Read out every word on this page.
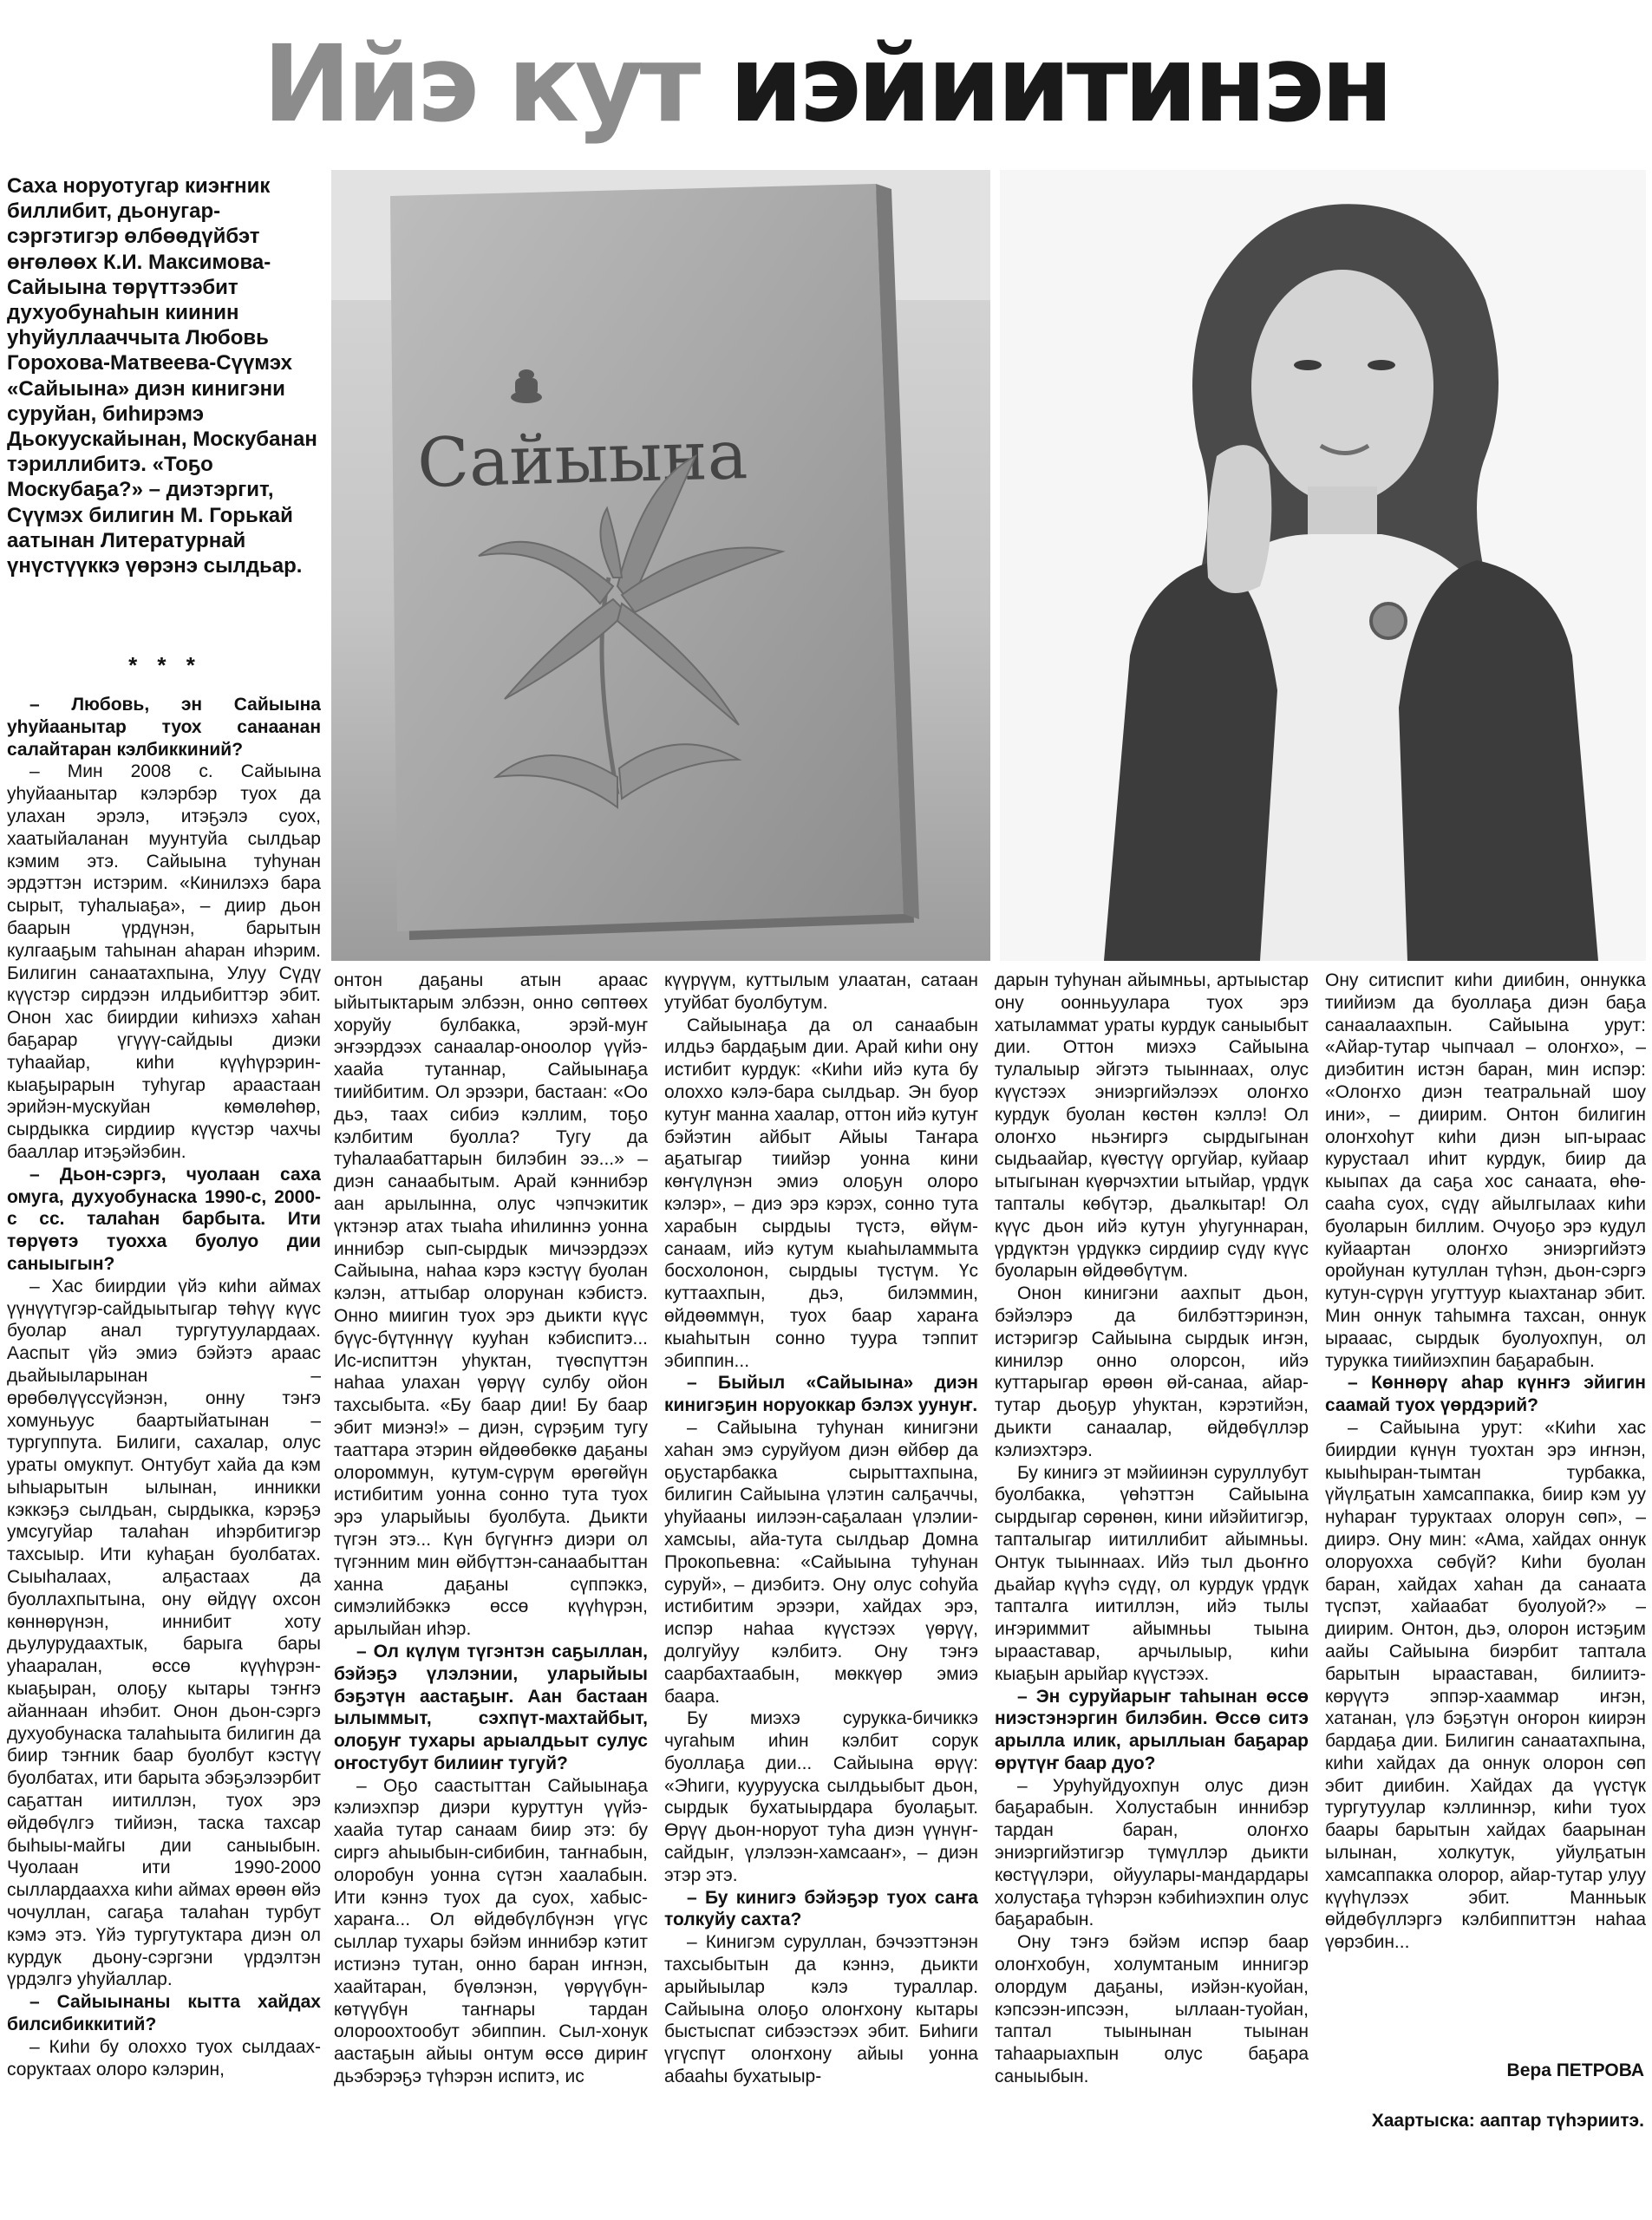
Ийэ кут иэйиитинэн
Саха норуотугар киэҥник биллибит, дьонугар-сэргэтигэр өлбөөдүйбэт өҥөлөөх К.И. Максимова-Сайыына төрүттээбит духуобунаһын киинин уһуйуллааччыта Любовь Горохова-Матвеева-Сүүмэх «Сайыына» диэн кинигэни суруйан, биһирэмэ Дьокуускайынан, Москубанан тэриллибитэ. «Тоҕо Москубаҕа?» – диэтэргит, Сүүмэх билигин М. Горькай аатынан Литературнай үнүстүүккэ үөрэнэ сылдьар.
* * *
Сайыына

– Любовь, эн Сайыына уһуйаанытар туох санаанан салайтаран кэлбиккиний?

– Мин 2008 с. Сайыына уһуйаанытар кэлэрбэр туох да улахан эрэлэ, итэҕэлэ суох, хаатыйаланан муунтуйа сылдьар кэмим этэ. Сайыына туһунан эрдэттэн истэрим. «Кинилэхэ бара сырыт, туһалыаҕа», – диир дьон баарын үрдүнэн, барытын кулгааҕым таһынан аһаран иһэрим. Билигин санаатахпына, Улуу Сүдү күүстэр сирдээн илдьибиттэр эбит. Онон хас биирдии киһиэхэ хаһан баҕарар үгүүү-сайдыы диэки туһаайар, киһи күүһүрэрин-кыаҕырарын туһугар араастаан эрийэн-мускуйан көмөлөһөр, сырдыкка сирдиир күүстэр чахчы бааллар итэҕэйэбин.

– Дьон-сэргэ, чуолаан саха омуга, духуобунаска 1990-с, 2000-с сс. талаһан барбыта. Ити төрүөтэ туохха буолуо дии саныыгын?

– Хас биирдии үйэ киһи аймах үүнүүтүгэр-сайдыытыгар төһүү күүс буолар анал тургутуулардаах. Ааспыт үйэ эмиэ бэйэтэ араас дьайыыларынан – өрөбөлүүссүйэнэн, онну тэҥэ хомуньуус баартыйатынан – тургуппута. Билиги, сахалар, олус ураты омукпут. Онтубут хайа да кэм ыһыарытын ылынан, инникки кэккэҕэ сылдьан, сырдыкка, кэрэҕэ умсугуйар талаһан иһэрбитигэр тахсыыр. Ити куһаҕан буолбатах. Сыыһалаах, алҕастаах да буоллахпытына, ону өйдүү охсон көннөрүнэн, иннибит хоту дьулурудаахтык, барыга бары уһааралан, өссө күүһүрэн-кыаҕыран, олоҕу кытары тэҥҥэ айаннаан иһэбит. Онон дьон-сэргэ духуобунаска талаһыыта билигин да биир тэҥник баар буолбут кэстүү буолбатах, ити барыта эбэҕэлээрбит саҕаттан иитиллэн, туох эрэ өйдөбүлгэ тийиэн, таска тахсар быһыы-майгы дии саныыбын. Чуолаан ити 1990-2000 сыллардаахха киһи аймах өрөөн өйэ чочуллан, сагаҕа талаһан турбут кэмэ этэ. Үйэ тургутуктара диэн ол курдук дьону-сэргэни үрдэлтэн үрдэлгэ уһуйаллар.

– Сайыынаны кытта хайдах билсибиккитий?

– Киһи бу олоххо туох сылдаах-соруктаах олоро кэлэрин,

онтон даҕаны атын араас ыйытыктарым элбээн, онно сөптөөх хоруйу булбакка, эрэй-муҥ эҥээрдээх санаалар-оноолор үүйэ-хаайа тутаннар, Сайыынаҕа тиийбитим. Ол эрээри, бастаан: «Оо дьэ, таах сибиэ кэллим, тоҕо кэлбитим буолла? Тугу да туһалаабаттарын билэбин ээ...» – диэн санаабытым. Арай кэннибэр аан арылынна, олус чэпчэкитик үктэнэр атах тыаһа иһилиннэ уонна иннибэр сып-сырдык мичээрдээх Сайыына, наһаа кэрэ кэстүү буолан кэлэн, аттыбар олорунан кэбистэ. Онно миигин туох эрэ дьикти күүс бүүс-бүтүннүү кууһан кэбиспитэ... Ис-испиттэн уһуктан, түөспүттэн наһаа улахан үөрүү сулбу ойон тахсыбыта. «Бу баар дии! Бу баар эбит миэнэ!» – диэн, сүрэҕим тугу тааттара этэрин өйдөөбөккө даҕаны олороммун, кутум-сүрүм өрөгөйүн истибитим уонна сонно тута туох эрэ уларыйыы буолбута. Дьикти түгэн этэ... Күн бүгүҥҥэ диэри ол түгэнним мин өйбүттэн-санаабыттан ханна даҕаны сүппэккэ, симэлийбэккэ өссө күүһүрэн, арылыйан иһэр.

– Ол күлүм түгэнтэн саҕыллан, бэйэҕэ үлэлэнии, уларыйыы бэҕэтүн аастаҕыҥ. Аан бастаан ылыммыт, сэхпүт-махтайбыт, олоҕуҥ тухары арыалдьыт сулус оҥостубут билииҥ тугуй?

– Оҕо саастыттан Сайыынаҕа кэлиэхпэр диэри куруттун үүйэ-хаайа тутар санаам биир этэ: бу сиргэ аһыыбын-сибибин, таҥнабын, олоробун уонна сүтэн хаалабын. Ити кэннэ туох да суох, хабыс-хараҥа... Ол өйдөбүлбүнэн үгүс сыллар тухары бэйэм иннибэр кэтит истиэнэ тутан, онно баран иҥнэн, хаайтаран, бүөлэнэн, үөрүүбүн-көтүүбүн таҥнары тардан олороохтообут эбиппин. Сыл-хонук аастаҕын айыы онтум өссө дириҥ дьэбэрэҕэ түһэрэн испитэ, ис

күүрүүм, куттылым улаатан, сатаан утуйбат буолбутум.

Сайыынаҕа да ол санаабын илдьэ бардаҕым дии. Арай киһи ону истибит курдук: «Киһи ийэ кута бу олоххо кэлэ-бара сылдьар. Эн буор кутуҥ манна хаалар, оттон ийэ кутуҥ бэйэтин айбыт Айыы Таҥара аҕатыгар тиийэр уонна кини көҥүлүнэн эмиэ олоҕун олоро кэлэр», – диэ эрэ кэрэх, сонно тута харабын сырдыы түстэ, өйүм-санаам, ийэ кутум кыаһыламмыта босхолонон, сырдыы түстүм. Үс куттаахпын, дьэ, билэммин, өйдөөммүн, туох баар хараҥа кыаһытын сонно туура тэппит эбиппин...

– Быйыл «Сайыына» диэн кинигэҕин норуоккар бэлэх уунуҥ.

– Сайыына туһунан кинигэни хаһан эмэ суруйуом диэн өйбөр да оҕустарбакка сырыттахпына, билигин Сайыына үлэтин салҕаччы, уһуйааны иилээн-саҕалаан үлэлии-хамсыы, айа-тута сылдьар Домна Прокопьевна: «Сайыына туһунан суруй», – диэбитэ. Ону олус соһуйа истибитим эрээри, хайдах эрэ, испэр наһаа күүстээх үөрүү, долгуйуу кэлбитэ. Ону тэҥэ саарбахтаабын, мөккүөр эмиэ баара.

Бу миэхэ сурукка-бичиккэ чугаһым иһин кэлбит сорук буоллаҕа дии... Сайыына өрүү: «Эһиги, куурууска сылдьыбыт дьон, сырдык бухатыырдара буолаҕыт. Өрүү дьон-норуот туһа диэн үүнүҥ-сайдыҥ, үлэлээн-хамсааҥ», – диэн этэр этэ.

– Бу кинигэ бэйэҕэр туох саҥа толкуйу сахта?

– Кинигэм суруллан, бэчээттэнэн тахсыбытын да кэннэ, дьикти арыйыылар кэлэ тураллар. Сайыына олоҕо олоҥхону кытары быстыспат сибээстээх эбит. Биһиги үгүспүт олоҥхону айыы уонна абааһы бухатыыр-

дарын туһунан айымньы, артыыстар ону оонньуулара туох эрэ хатыламмат ураты курдук саныыбыт дии. Оттон миэхэ Сайыына тулалыыр эйгэтэ тыыннаах, олус күүстээх эниэргийэлээх олоҥхо курдук буолан көстөн кэллэ! Ол олоҥхо ньэҥиргэ сырдыгынан сыдьаайар, күөстүү оргуйар, куйаар ытыгынан күөрчэхтии ытыйар, үрдүк тапталы көбүтэр, дьалкытар! Ол күүс дьон ийэ кутун уһугуннаран, үрдүктэн үрдүккэ сирдиир сүдү күүс буоларын өйдөөбүтүм.

Онон кинигэни аахпыт дьон, бэйэлэрэ да билбэттэринэн, истэригэр Сайыына сырдык иҥэн, кинилэр онно олорсон, ийэ куттарыгар өрөөн өй-санаа, айар-тутар дьоҕур уһуктан, кэрэтийэн, дьикти санаалар, өйдөбүллэр кэлиэхтэрэ.

Бу кинигэ эт мэйиинэн суруллубут буолбакка, үөһэттэн Сайыына сырдыгар сөрөнөн, кини ийэйитигэр, тапталыгар иитиллибит айымньы. Онтук тыыннаах. Ийэ тыл дьоҥҥо дьайар күүһэ сүдү, ол курдук үрдүк тапталга иитиллэн, ийэ тылы иҥэриммит айымньы тыына ырааставар, арчылыыр, киһи кыаҕын арыйар күүстээх.

– Эн суруйарыҥ таһынан өссө ниэстэнэргин билэбин. Өссө ситэ арылла илик, арыллыан баҕарар өрүтүҥ баар дуо?

– Уруһуйдуохпун олус диэн баҕарабын. Холустабын иннибэр тардан баран, олоҥхо эниэргийэтигэр түмүллэр дьикти көстүүлэри, ойуулары-мандардары холустаҕа түһэрэн кэбиһиэхпин олус баҕарабын.

Ону тэҥэ бэйэм испэр баар олоҥхобун, холумтаным иннигэр олордум даҕаны, иэйэн-куойан, кэпсээн-ипсээн, ыллаан-туойан, таптал тыынынан тыынан таһаарыахпын олус баҕара саныыбын.

Ону ситиспит киһи диибин, оннукка тиийиэм да буоллаҕа диэн баҕа санаалаахпын. Сайыына урут: «Айар-тутар чыпчаал – олоҥхо», – диэбитин истэн баран, мин испэр: «Олоҥхо диэн театральнай шоу ини», – диирим. Онтон билигин олоҥхоһут киһи диэн ып-ыраас курустаал иһит курдук, биир да кыыпах да саҕа хос санаата, өһө-сааһа суох, сүдү айылгылаах киһи буоларын биллим. Очуоҕо эрэ кудул куйаартан олоҥхо эниэргийэтэ оройунан кутуллан түһэн, дьон-сэргэ кутун-сүрүн угуттуур кыахтанар эбит. Мин оннук таһымҥа тахсан, оннук ырааас, сырдык буолуохпун, ол турукка тиийиэхпин баҕарабын.

– Көннөрү аһар күнҥэ эйигин саамай туох үөрдэрий?

– Сайыына урут: «Киһи хас биирдии күнүн туохтан эрэ иҥнэн, кыыһыран-тымтан турбакка, үйүлҕатын хамсаппакка, биир кэм уу нуһараҥ туруктаах олорун сөп», – диирэ. Ону мин: «Ама, хайдах оннук олоруохха сөбүй? Киһи буолан баран, хайдах хаһан да санаата түспэт, хайаабат буолуой?» – диирим. Онтон, дьэ, олорон истэҕим аайы Сайыына биэрбит таптала барытын ырааставан, билиитэ-көрүүтэ эппэр-хааммар иҥэн, хатанан, үлэ бэҕэтүн оҥорон киирэн бардаҕа дии. Билигин санаатахпына, киһи хайдах да оннук олорон сөп эбит диибин. Хайдах да үүстүк тургутуулар кэллиннэр, киһи туох баары барытын хайдах баарынан ылынан, холкутук, уйулҕатын хамсаппакка олорор, айар-тутар улуу күүһүлээх эбит. Манньык өйдөбүллэргэ кэлбиппиттэн наһаа үөрэбин...

Вера ПЕТРОВА
Хаартыска: ааптар түһэриитэ.
